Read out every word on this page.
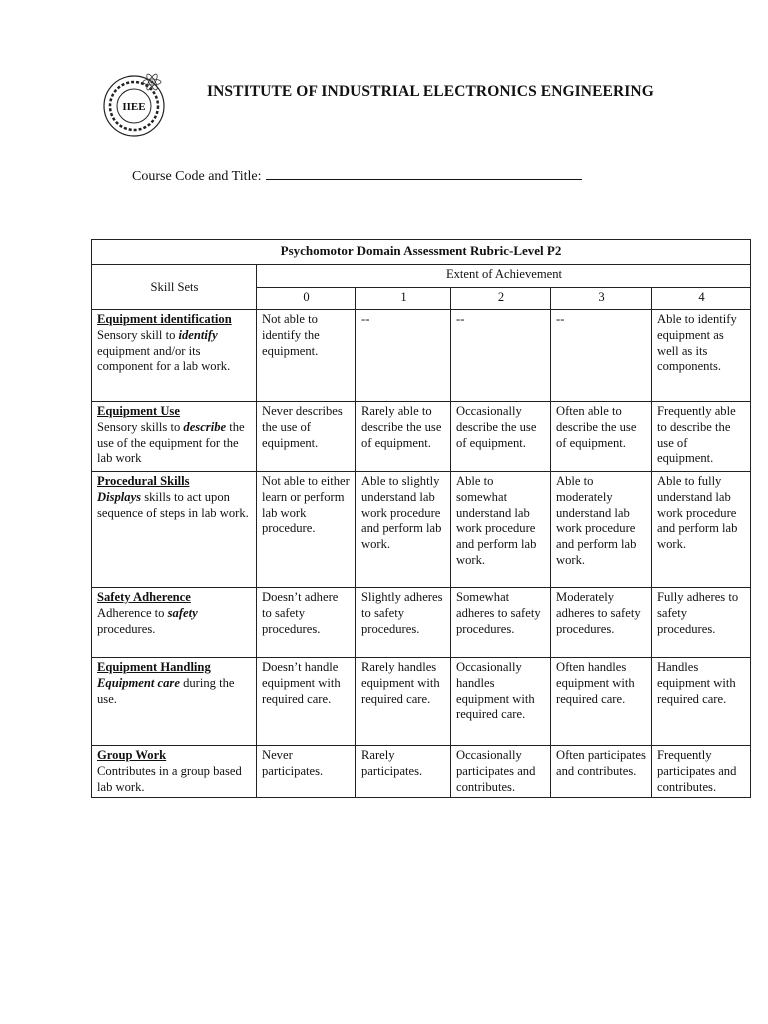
IIEE
INSTITUTE OF INDUSTRIAL ELECTRONICS ENGINEERING
Course Code and Title:
Psychomotor Domain Assessment Rubric-Level P2					
Skill Sets	Extent of Achievement				
	0	1	2	3	4

Equipment identification
Sensory skill to identify equipment and/or its component for a lab work.	Not able to identify the equipment.	--	--	--	Able to identify equipment as well as its components.

Equipment Use
Sensory skills to describe the use of the equipment for the lab work	Never describes the use of equipment.	Rarely able to describe the use of equipment.	Occasionally describe the use of equipment.	Often able to describe the use of equipment.	Frequently able to describe the use of equipment.

Procedural Skills
Displays skills to act upon sequence of steps in lab work.	Not able to either learn or perform lab work procedure.	Able to slightly understand lab work procedure and perform lab work.	Able to somewhat understand lab work procedure and perform lab work.	Able to moderately understand lab work procedure and perform lab work.	Able to fully understand lab work procedure and perform lab work.

Safety Adherence
Adherence to safety procedures.	Doesn’t adhere to safety procedures.	Slightly adheres to safety procedures.	Somewhat adheres to safety procedures.	Moderately adheres to safety procedures.	Fully adheres to safety procedures.

Equipment Handling
Equipment care during the use.	Doesn’t handle equipment with required care.	Rarely handles equipment with required care.	Occasionally handles equipment with required care.	Often handles equipment with required care.	Handles equipment with required care.

Group Work
Contributes in a group based lab work.	Never participates.	Rarely participates.	Occasionally participates and contributes.	Often participates and contributes.	Frequently participates and contributes.
